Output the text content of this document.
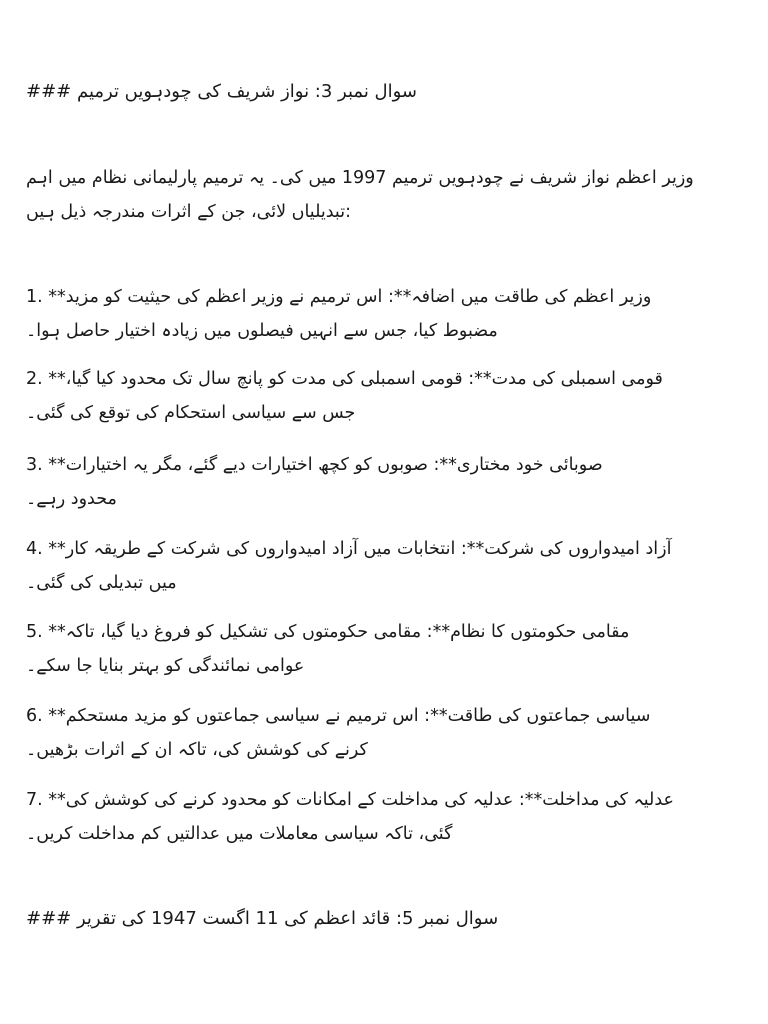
سوال نمبر 3: نواز شریف کی چودہویں ترمیم ###
وزیر اعظم نواز شریف نے چودہویں ترمیم 1997 میں کی۔ یہ ترمیم پارلیمانی نظام میں اہم
:تبدیلیاں لائی، جن کے اثرات مندرجہ ذیل ہیں
وزیر اعظم کی طاقت میں اضافہ**: اس ترمیم نے وزیر اعظم کی حیثیت کو مزید** .1
مضبوط کیا، جس سے انہیں فیصلوں میں زیادہ اختیار حاصل ہوا۔
قومی اسمبلی کی مدت**: قومی اسمبلی کی مدت کو پانچ سال تک محدود کیا گیا،** .2
جس سے سیاسی استحکام کی توقع کی گئی۔
صوبائی خود مختاری**: صوبوں کو کچھ اختیارات دیے گئے، مگر یہ اختیارات** .3
محدود رہے۔
آزاد امیدواروں کی شرکت**: انتخابات میں آزاد امیدواروں کی شرکت کے طریقہ کار** .4
میں تبدیلی کی گئی۔
مقامی حکومتوں کا نظام**: مقامی حکومتوں کی تشکیل کو فروغ دیا گیا، تاکہ** .5
عوامی نمائندگی کو بہتر بنایا جا سکے۔
سیاسی جماعتوں کی طاقت**: اس ترمیم نے سیاسی جماعتوں کو مزید مستحکم** .6
کرنے کی کوشش کی، تاکہ ان کے اثرات بڑھیں۔
عدلیہ کی مداخلت**: عدلیہ کی مداخلت کے امکانات کو محدود کرنے کی کوشش کی** .7
گئی، تاکہ سیاسی معاملات میں عدالتیں کم مداخلت کریں۔
سوال نمبر 5: قائد اعظم کی 11 اگست 1947 کی تقریر ###
